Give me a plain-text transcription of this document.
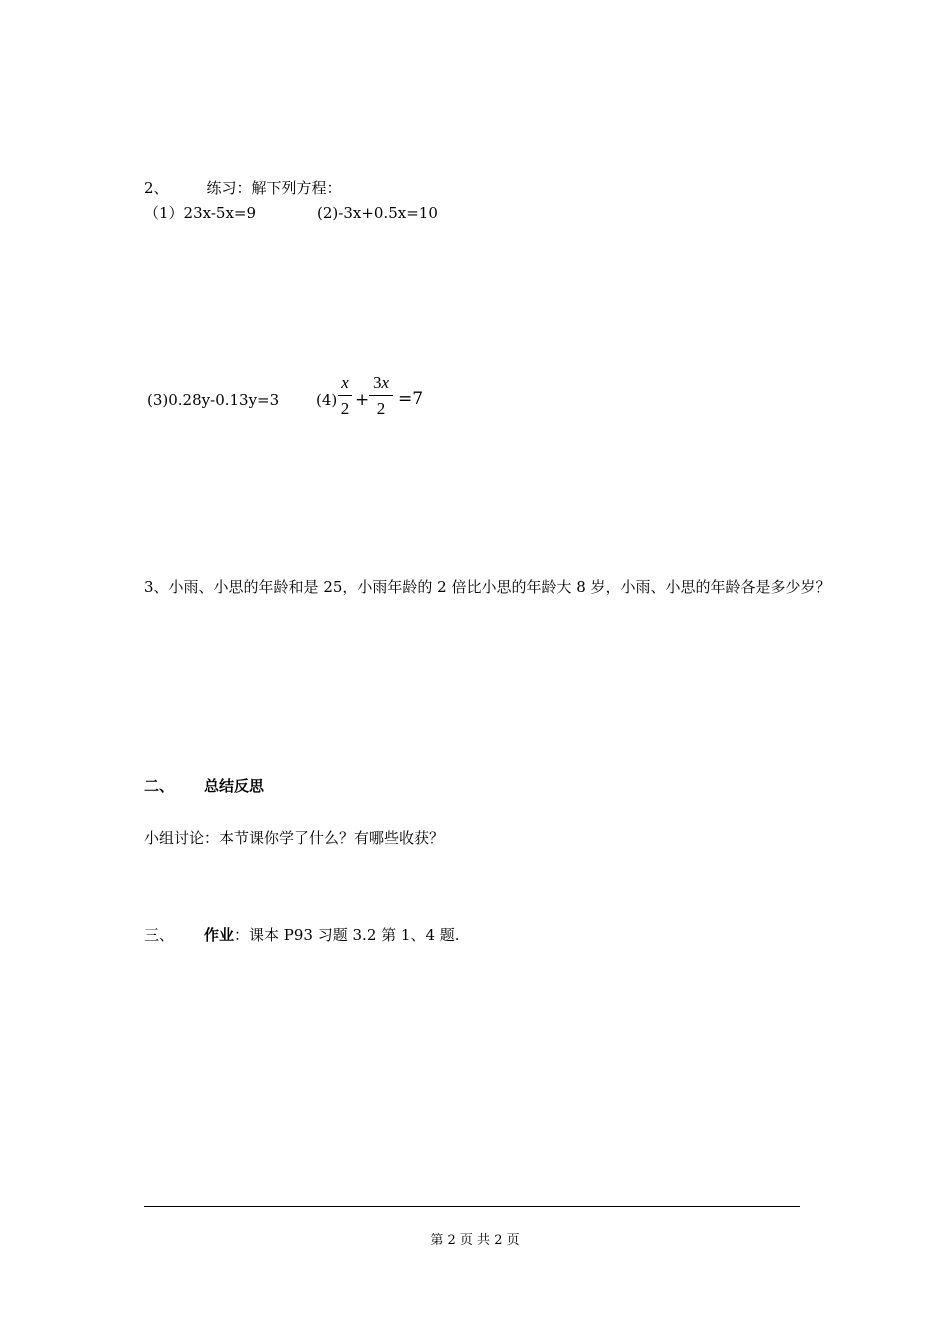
2、	练习：解下列方程：
（1）23x-5x=9	(2)-3x+0.5x=10
(3)0.28y-0.13y=3 (4)
x
2 +
3x
2 =7
3、小雨、小思的年龄和是 25，小雨年龄的 2 倍比小思的年龄大 8 岁，小雨、小思的年龄各是多少岁？
二、 总结反思
小组讨论：本节课你学了什么？有哪些收获？
三、 作业：课本 P93 习题 3.2 第 1、4 题.
第 2 页 共 2 页
